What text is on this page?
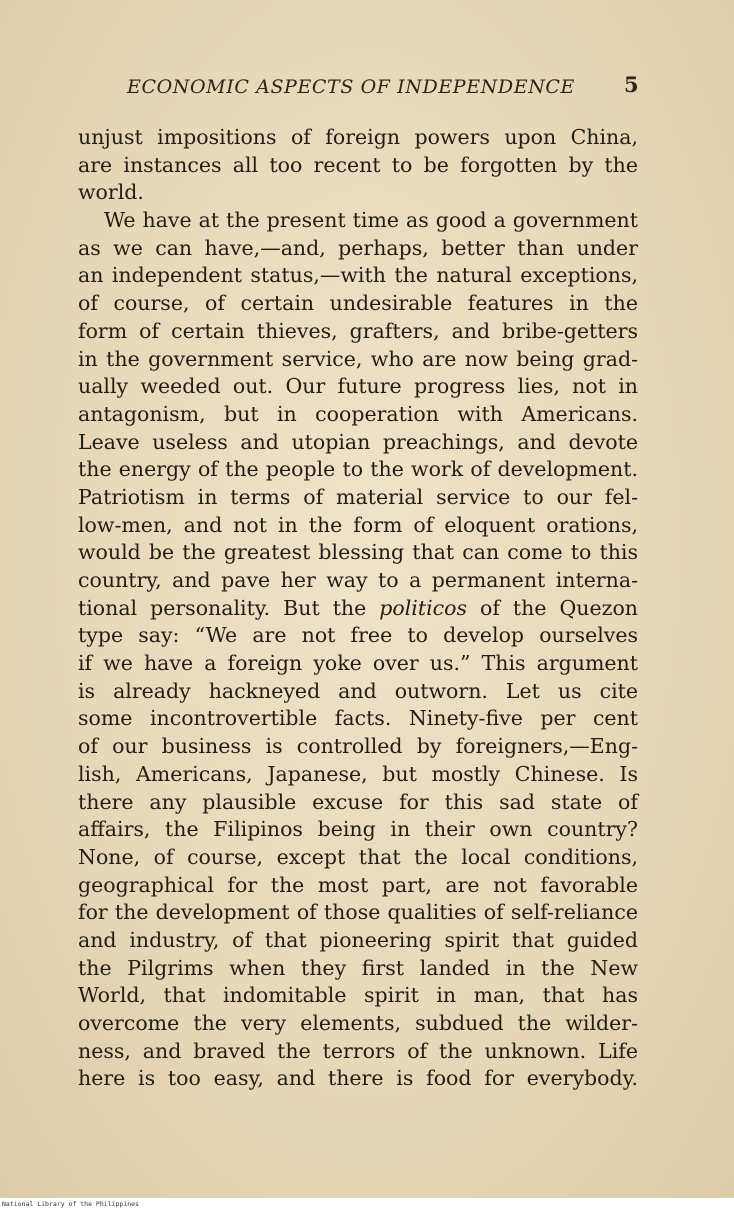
ECONOMIC ASPECTS OF INDEPENDENCE 5
unjust impositions of foreign powers upon China,
are instances all too recent to be forgotten by the
world.
We have at the present time as good a government
as we can have,—and, perhaps, better than under
an independent status,—with the natural exceptions,
of course, of certain undesirable features in the
form of certain thieves, grafters, and bribe-getters
in the government service, who are now being grad-
ually weeded out. Our future progress lies, not in
antagonism, but in cooperation with Americans.
Leave useless and utopian preachings, and devote
the energy of the people to the work of development.
Patriotism in terms of material service to our fel-
low-men, and not in the form of eloquent orations,
would be the greatest blessing that can come to this
country, and pave her way to a permanent interna-
tional personality. But the politicos of the Quezon
type say: “We are not free to develop ourselves
if we have a foreign yoke over us.” This argument
is already hackneyed and outworn. Let us cite
some incontrovertible facts. Ninety-five per cent
of our business is controlled by foreigners,—Eng-
lish, Americans, Japanese, but mostly Chinese. Is
there any plausible excuse for this sad state of
affairs, the Filipinos being in their own country?
None, of course, except that the local conditions,
geographical for the most part, are not favorable
for the development of those qualities of self-reliance
and industry, of that pioneering spirit that guided
the Pilgrims when they first landed in the New
World, that indomitable spirit in man, that has
overcome the very elements, subdued the wilder-
ness, and braved the terrors of the unknown. Life
here is too easy, and there is food for everybody.
National Library of the Philippines
